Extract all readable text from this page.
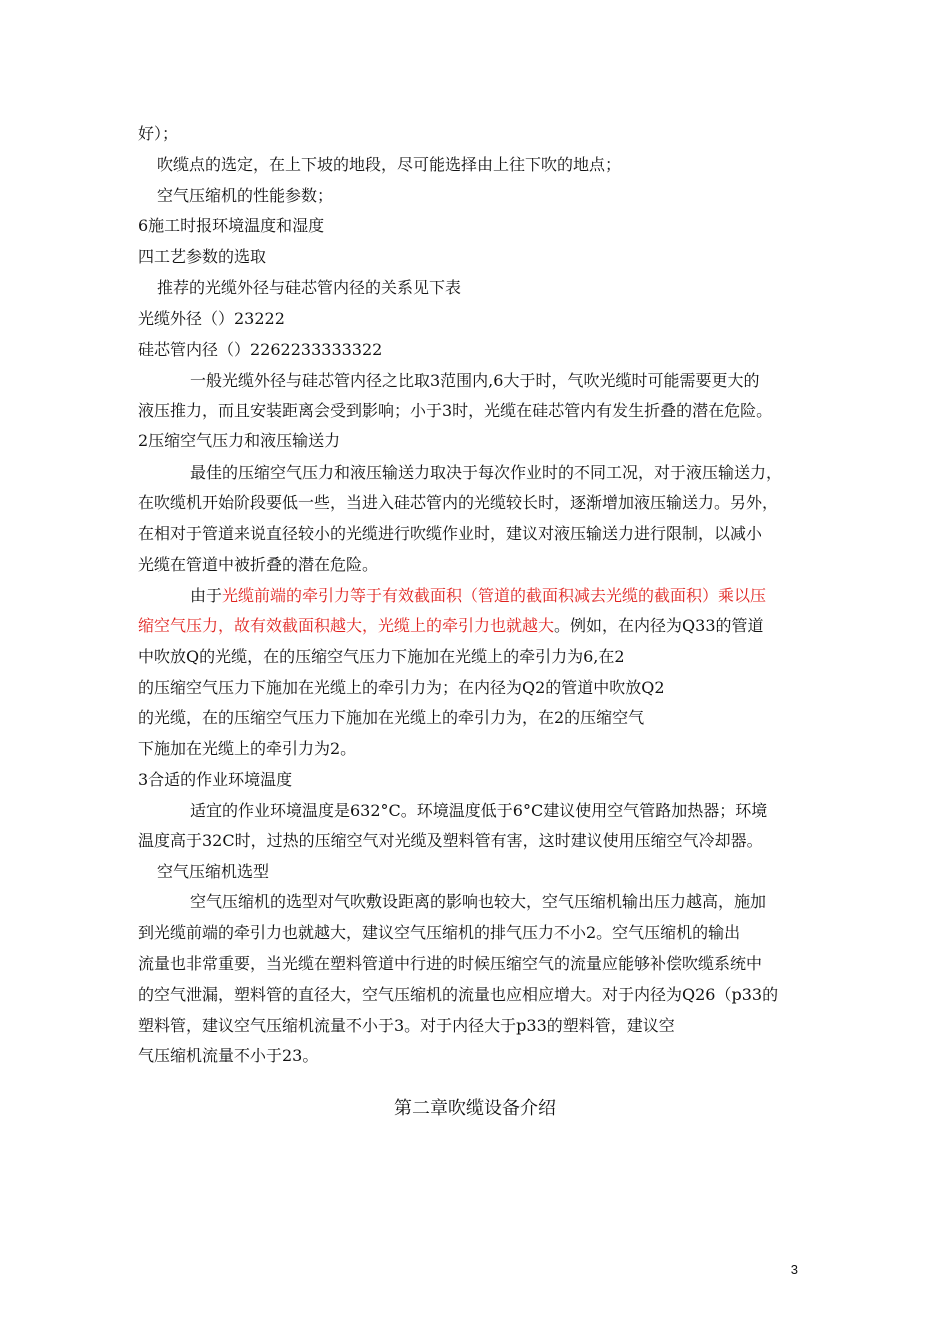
好）；
吹缆点的选定，在上下坡的地段，尽可能选择由上往下吹的地点；
空气压缩机的性能参数；
6施工时报环境温度和湿度
四工艺参数的选取
推荐的光缆外径与硅芯管内径的关系见下表
光缆外径（）23222
硅芯管内径（）2262233333322
一般光缆外径与硅芯管内径之比取3范围内,6大于时，气吹光缆时可能需要更大的
液压推力，而且安装距离会受到影响；小于3时，光缆在硅芯管内有发生折叠的潜在危险。
2压缩空气压力和液压输送力
最佳的压缩空气压力和液压输送力取决于每次作业时的不同工况，对于液压输送力，
在吹缆机开始阶段要低一些，当进入硅芯管内的光缆较长时，逐渐增加液压输送力。另外，
在相对于管道来说直径较小的光缆进行吹缆作业时，建议对液压输送力进行限制，以减小
光缆在管道中被折叠的潜在危险。
由于光缆前端的牵引力等于有效截面积（管道的截面积减去光缆的截面积）乘以压
缩空气压力，故有效截面积越大，光缆上的牵引力也就越大。例如，在内径为Q33的管道
中吹放Q的光缆，在的压缩空气压力下施加在光缆上的牵引力为6,在2
的压缩空气压力下施加在光缆上的牵引力为；在内径为Q2的管道中吹放Q2
的光缆，在的压缩空气压力下施加在光缆上的牵引力为，在2的压缩空气
下施加在光缆上的牵引力为2。
3合适的作业环境温度
适宜的作业环境温度是632°C。环境温度低于6°C建议使用空气管路加热器；环境
温度高于32C时，过热的压缩空气对光缆及塑料管有害，这时建议使用压缩空气冷却器。
空气压缩机选型
空气压缩机的选型对气吹敷设距离的影响也较大，空气压缩机输出压力越高，施加
到光缆前端的牵引力也就越大，建议空气压缩机的排气压力不小2。空气压缩机的输出
流量也非常重要，当光缆在塑料管道中行进的时候压缩空气的流量应能够补偿吹缆系统中
的空气泄漏，塑料管的直径大，空气压缩机的流量也应相应增大。对于内径为Q26（p33的
塑料管，建议空气压缩机流量不小于3。对于内径大于p33的塑料管，建议空
气压缩机流量不小于23。
第二章吹缆设备介绍
3
